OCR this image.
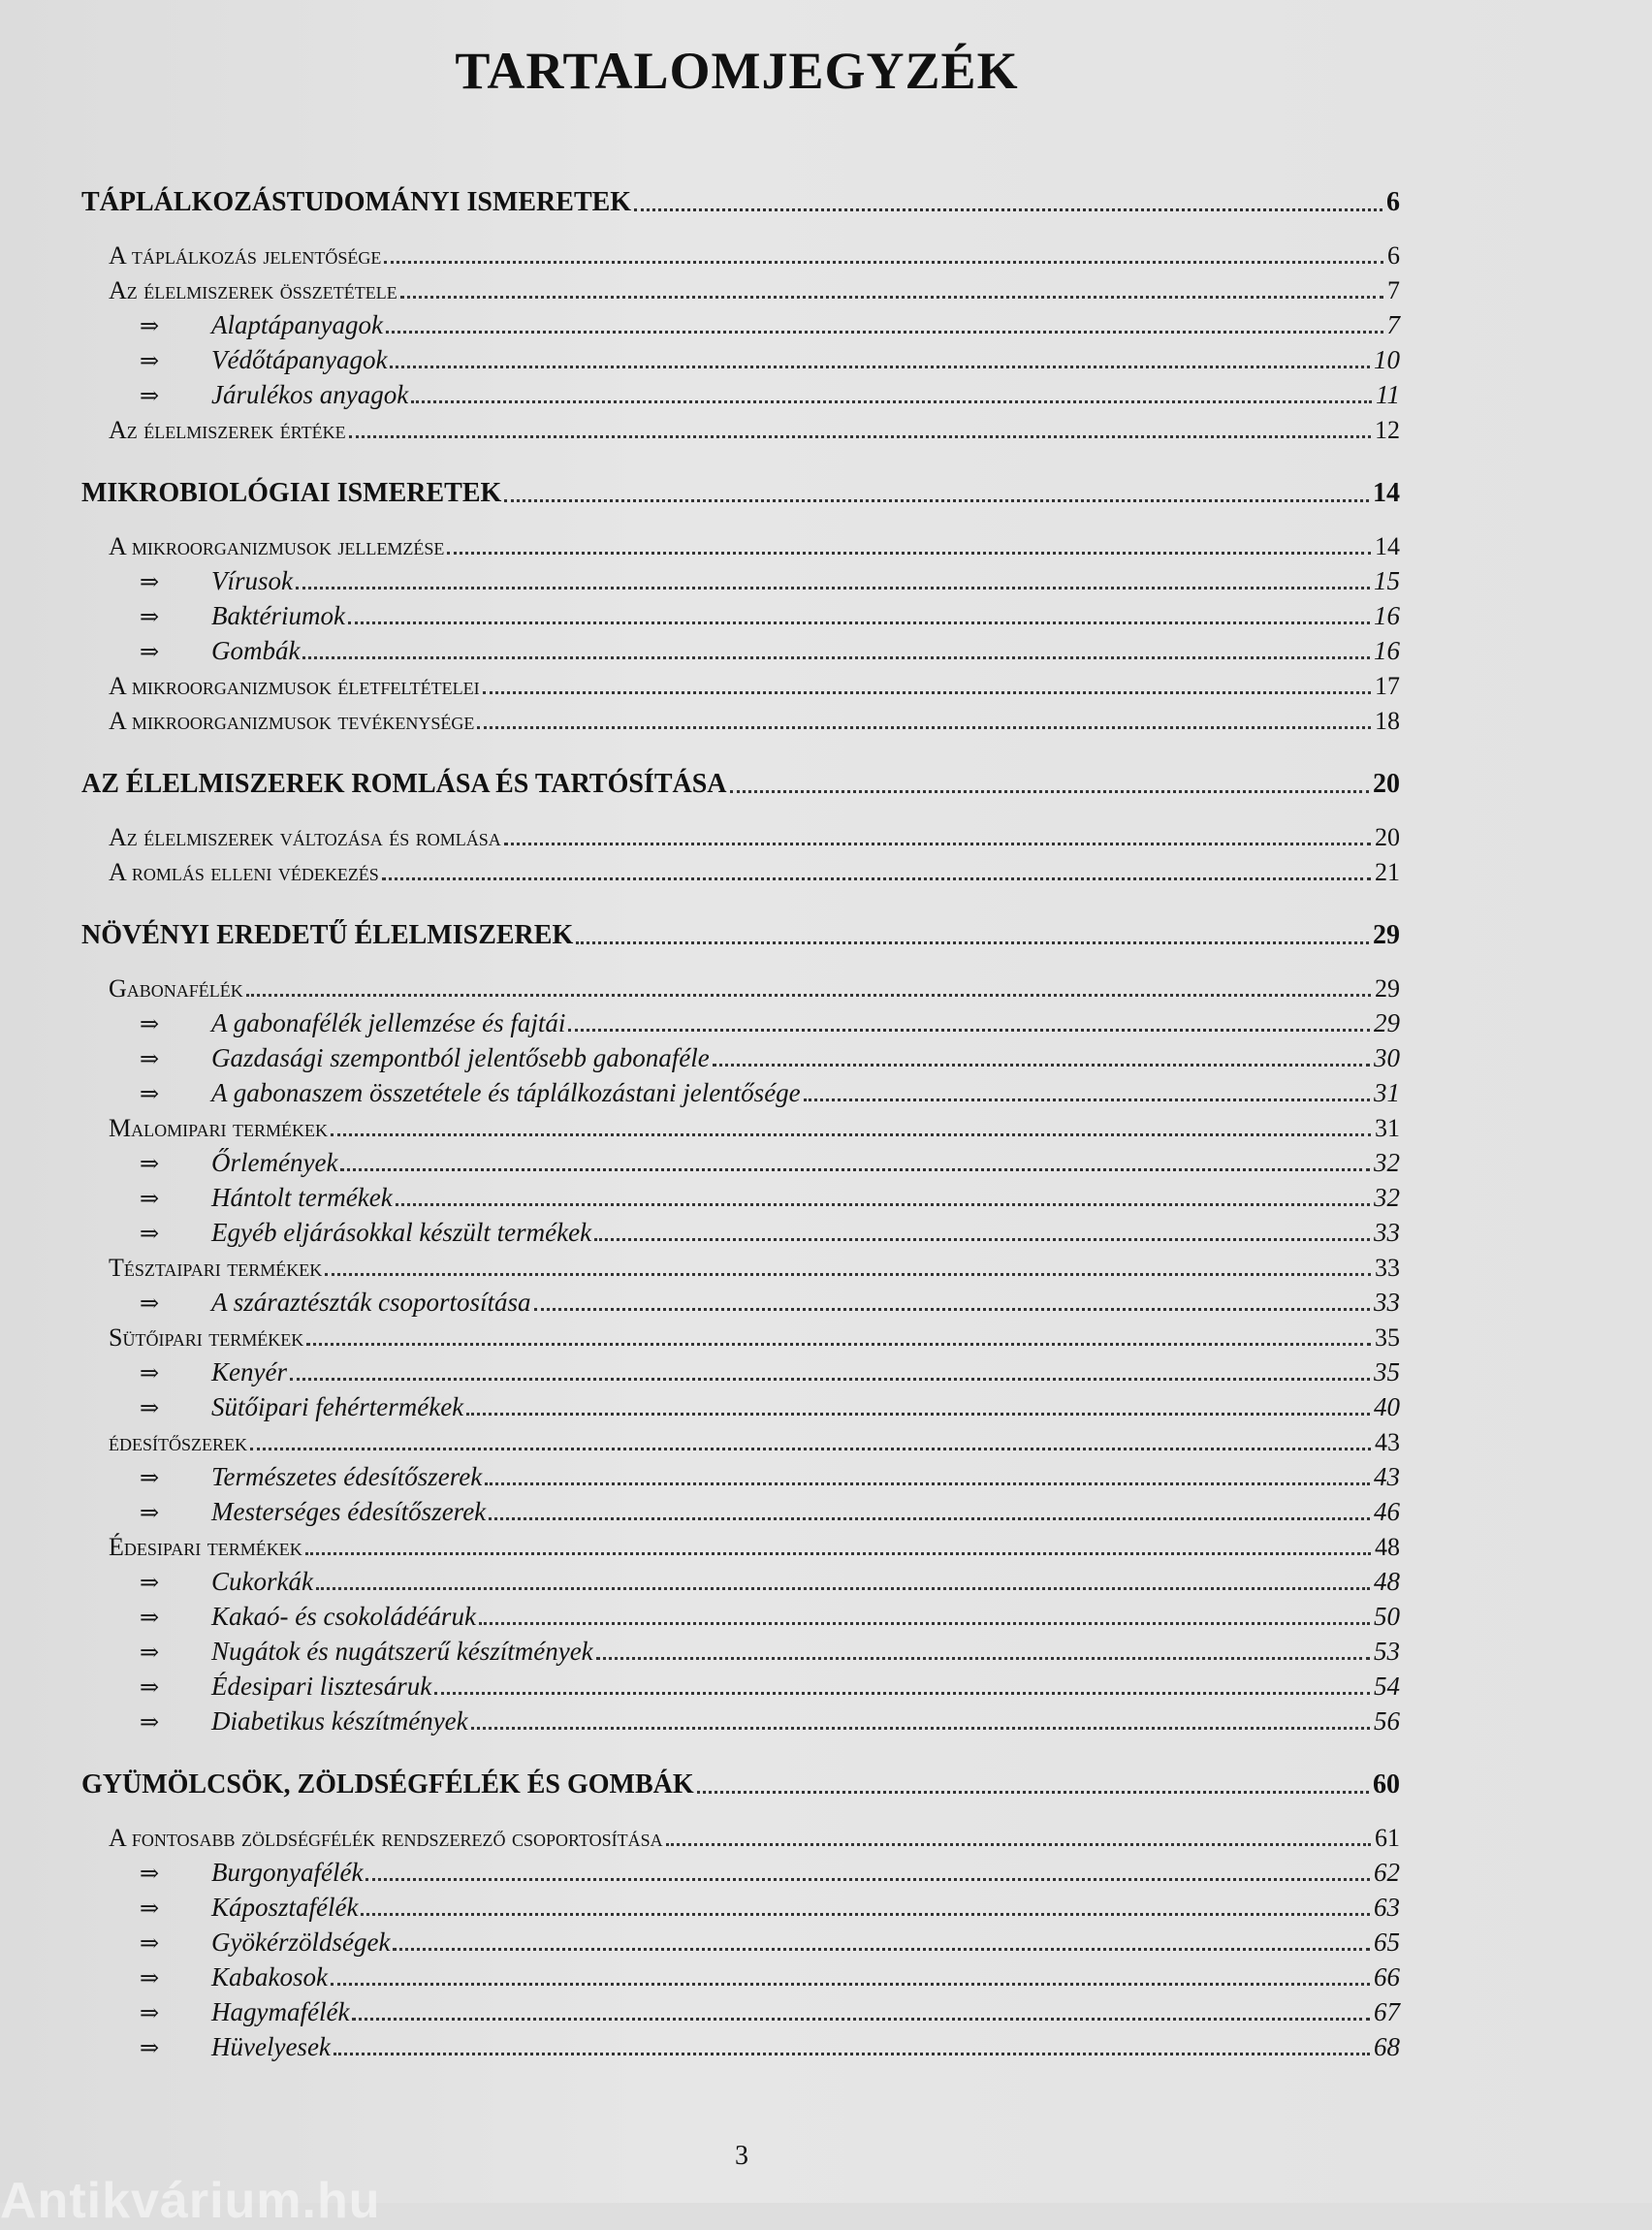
TARTALOMJEGYZÉK
TÁPLÁLKOZÁSTUDOMÁNYI ISMERETEK	6
A táplálkozás jelentősége	6
Az élelmiszerek összetétele	7
⇒	Alaptápanyagok	7
⇒	Védőtápanyagok	10
⇒	Járulékos anyagok	11
Az élelmiszerek értéke	12
MIKROBIOLÓGIAI ISMERETEK	14
A mikroorganizmusok jellemzése	14
⇒	Vírusok	15
⇒	Baktériumok	16
⇒	Gombák	16
A mikroorganizmusok életfeltételei	17
A mikroorganizmusok tevékenysége	18
AZ ÉLELMISZEREK ROMLÁSA ÉS TARTÓSÍTÁSA	20
Az élelmiszerek változása és romlása	20
A romlás elleni védekezés	21
NÖVÉNYI EREDETŰ ÉLELMISZEREK	29
Gabonafélék	29
⇒	A gabonafélék jellemzése és fajtái	29
⇒	Gazdasági szempontból jelentősebb gabonaféle	30
⇒	A gabonaszem összetétele és táplálkozástani jelentősége	31
Malomipari termékek	31
⇒	Őrlemények	32
⇒	Hántolt termékek	32
⇒	Egyéb eljárásokkal készült termékek	33
Tésztaipari termékek	33
⇒	A száraztészták csoportosítása	33
Sütőipari termékek	35
⇒	Kenyér	35
⇒	Sütőipari fehértermékek	40
édesítőszerek	43
⇒	Természetes édesítőszerek	43
⇒	Mesterséges édesítőszerek	46
Édesipari termékek	48
⇒	Cukorkák	48
⇒	Kakaó- és csokoládéáruk	50
⇒	Nugátok és nugátszerű készítmények	53
⇒	Édesipari lisztesáruk	54
⇒	Diabetikus készítmények	56
GYÜMÖLCSÖK, ZÖLDSÉGFÉLÉK ÉS GOMBÁK	60
A fontosabb zöldségfélék rendszerező csoportosítása	61
⇒	Burgonyafélék	62
⇒	Káposztafélék	63
⇒	Gyökérzöldségek	65
⇒	Kabakosok	66
⇒	Hagymafélék	67
⇒	Hüvelyesek	68
3
Antikvárium.hu
